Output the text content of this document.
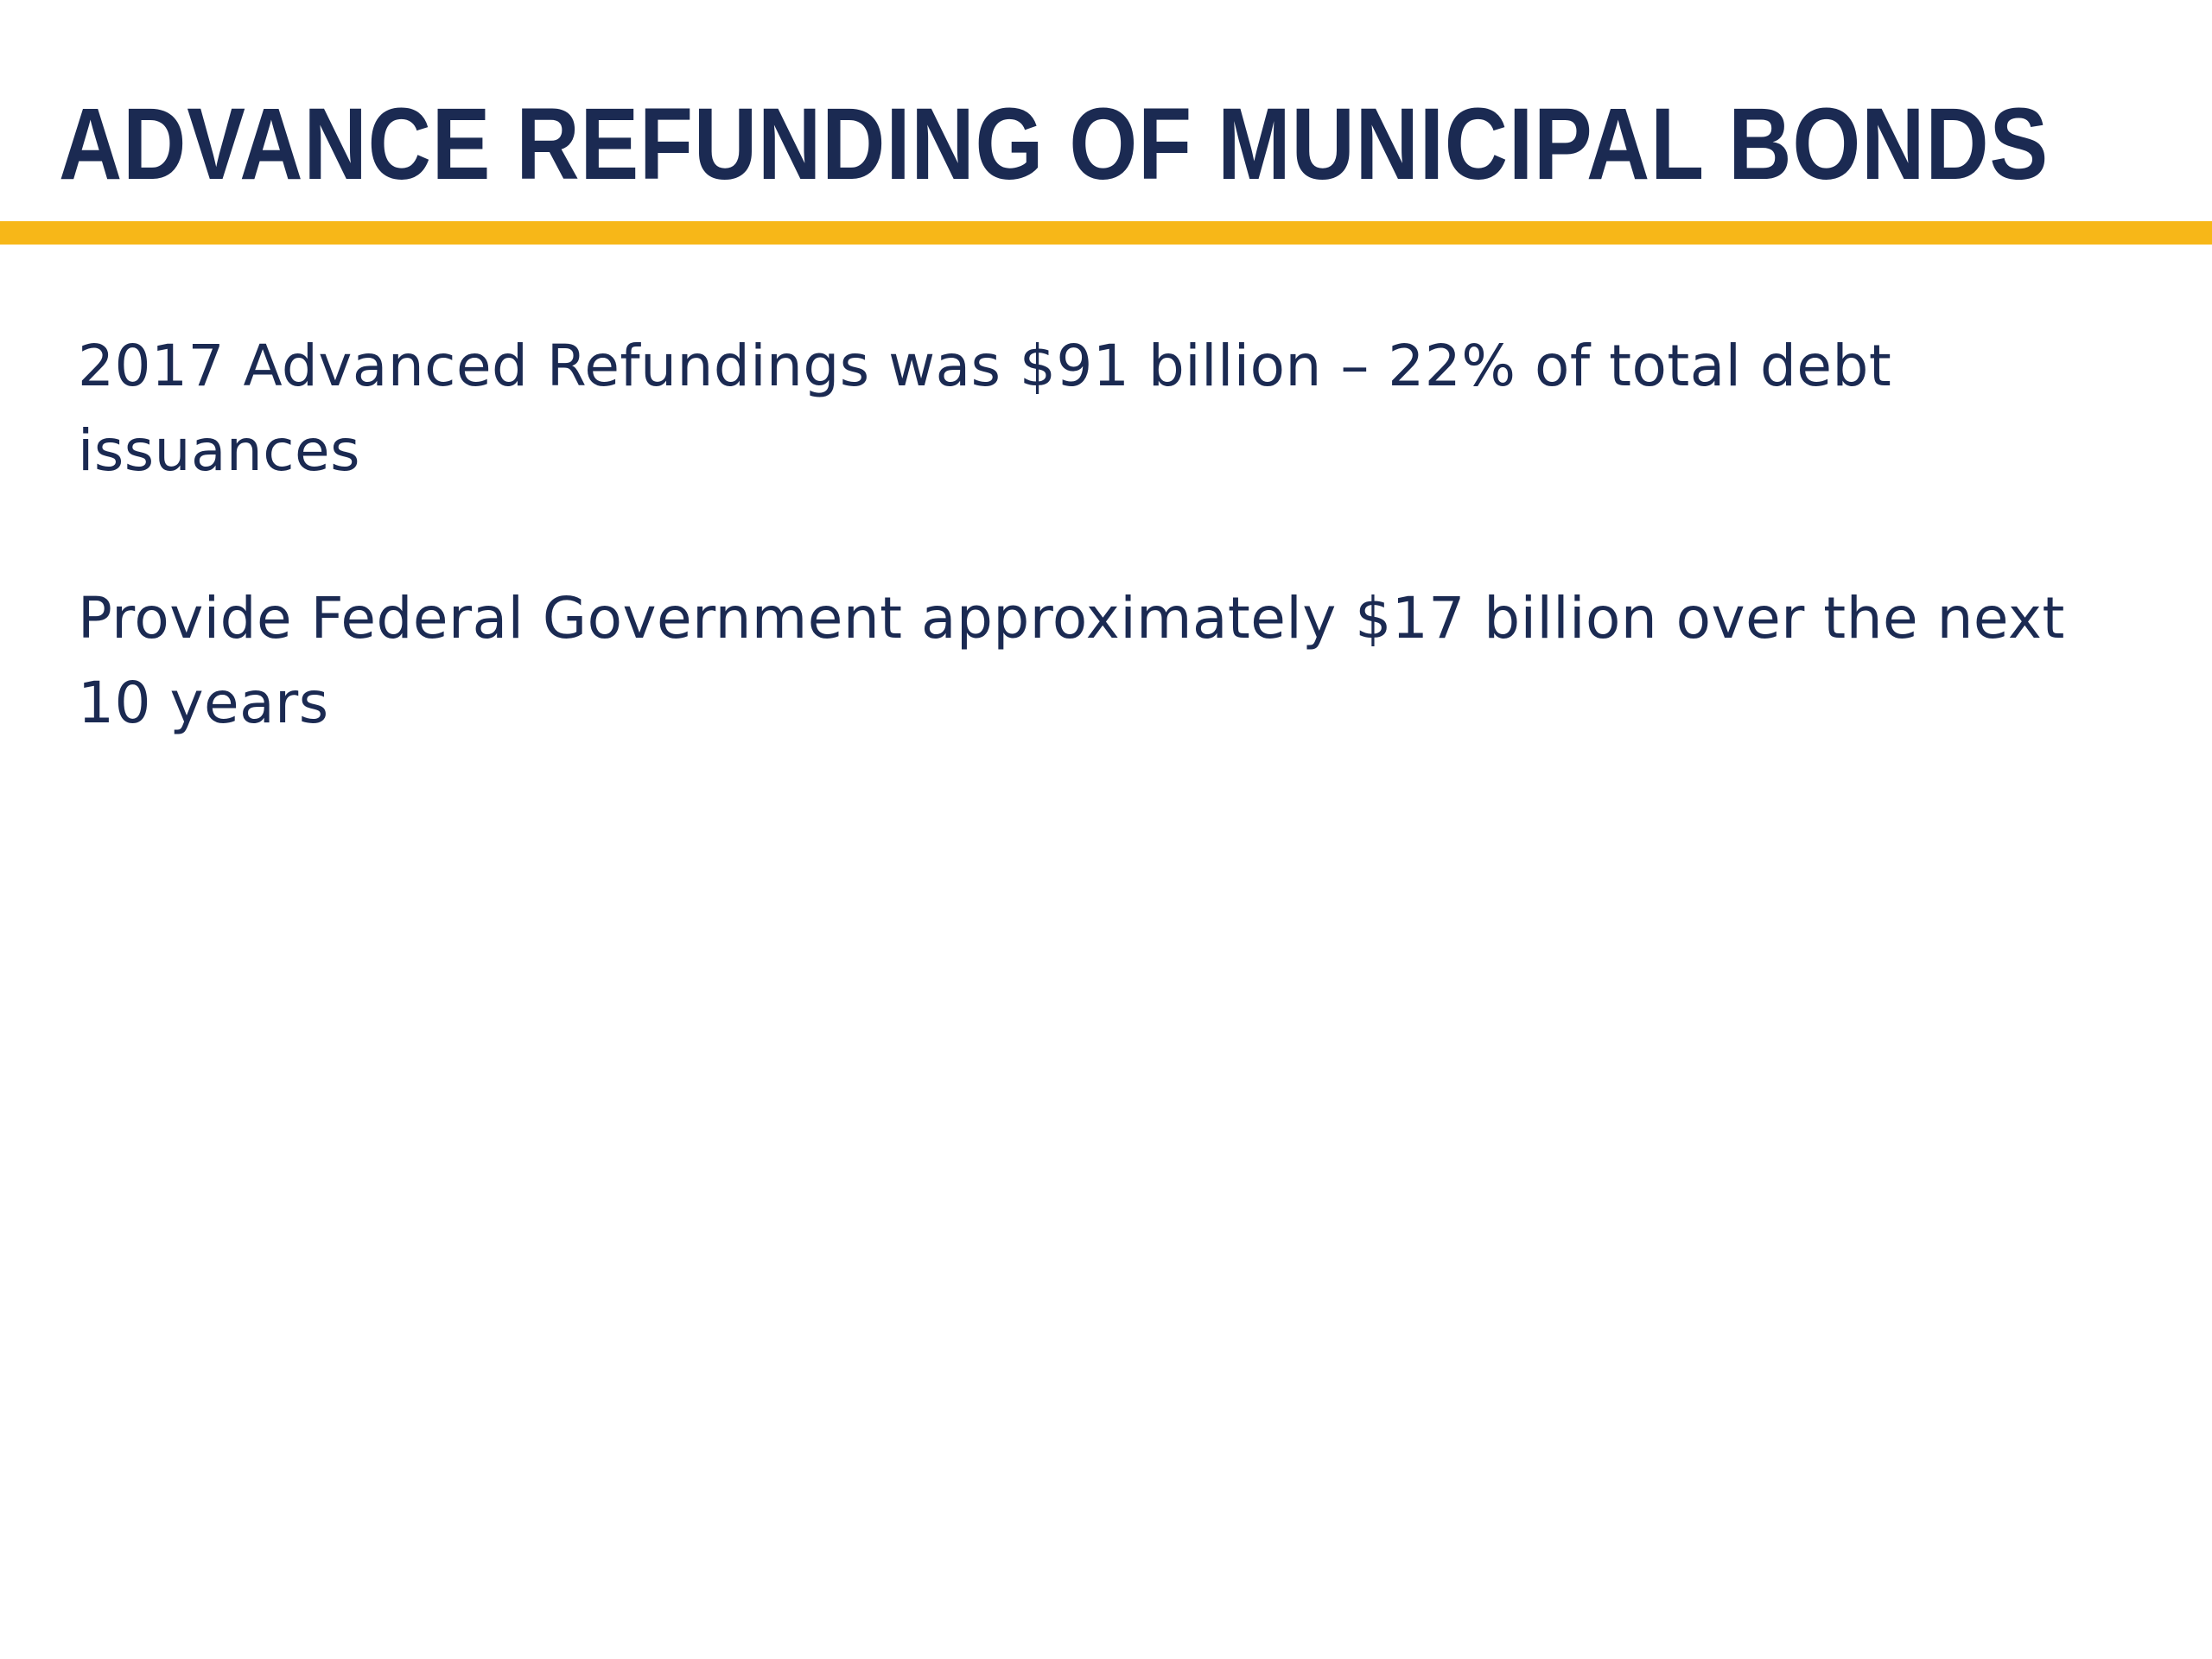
ADVANCE REFUNDING OF MUNICIPAL BONDS

2017 Advanced Refundings was $91 billion – 22% of total debt
issuances

Provide Federal Government approximately $17 billion over the next
10 years
